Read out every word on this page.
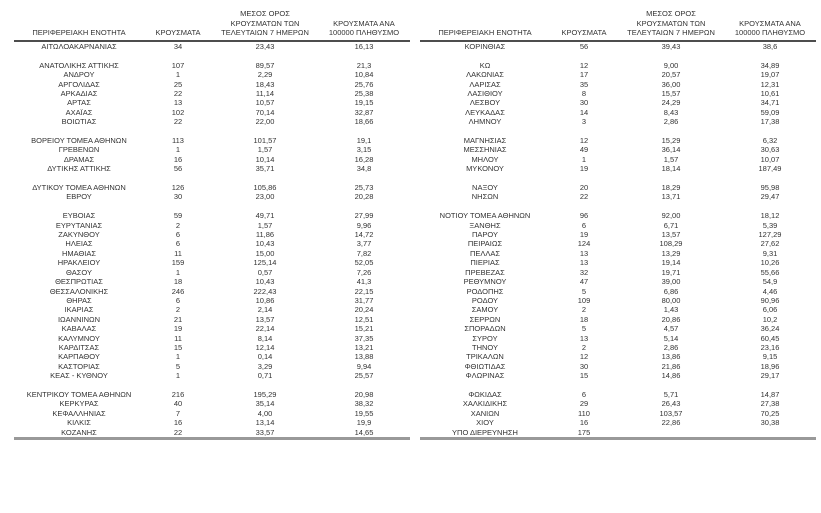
ΠΕΡΙΦΕΡΕΙΑΚΗ ΕΝΟΤΗΤΑ	ΚΡΟΥΣΜΑΤΑ	ΜΕΣΟΣ ΟΡΟΣ ΚΡΟΥΣΜΑΤΩΝ ΤΩΝ ΤΕΛΕΥΤΑΙΩΝ 7 ΗΜΕΡΩΝ	ΚΡΟΥΣΜΑΤΑ ΑΝΑ 100000 ΠΛΗΘΥΣΜΟ
ΑΙΤΩΛΟΑΚΑΡΝΑΝΙΑΣ	34	23,43	16,13

ΑΝΑΤΟΛΙΚΗΣ ΑΤΤΙΚΗΣ	107	89,57	21,3
ΑΝΔΡΟΥ	1	2,29	10,84
ΑΡΓΟΛΙΔΑΣ	25	18,43	25,76
ΑΡΚΑΔΙΑΣ	22	11,14	25,38
ΑΡΤΑΣ	13	10,57	19,15
ΑΧΑΪΑΣ	102	70,14	32,87
ΒΟΙΩΤΙΑΣ	22	22,00	18,66

ΒΟΡΕΙΟΥ ΤΟΜΕΑ ΑΘΗΝΩΝ	113	101,57	19,1
ΓΡΕΒΕΝΩΝ	1	1,57	3,15
ΔΡΑΜΑΣ	16	10,14	16,28
ΔΥΤΙΚΗΣ ΑΤΤΙΚΗΣ	56	35,71	34,8

ΔΥΤΙΚΟΥ ΤΟΜΕΑ ΑΘΗΝΩΝ	126	105,86	25,73
ΕΒΡΟΥ	30	23,00	20,28

ΕΥΒΟΙΑΣ	59	49,71	27,99
ΕΥΡΥΤΑΝΙΑΣ	2	1,57	9,96
ΖΑΚΥΝΘΟΥ	6	11,86	14,72
ΗΛΕΙΑΣ	6	10,43	3,77
ΗΜΑΘΙΑΣ	11	15,00	7,82
ΗΡΑΚΛΕΙΟΥ	159	125,14	52,05
ΘΑΣΟΥ	1	0,57	7,26
ΘΕΣΠΡΩΤΙΑΣ	18	10,43	41,3
ΘΕΣΣΑΛΟΝΙΚΗΣ	246	222,43	22,15
ΘΗΡΑΣ	6	10,86	31,77
ΙΚΑΡΙΑΣ	2	2,14	20,24
ΙΩΑΝΝΙΝΩΝ	21	13,57	12,51
ΚΑΒΑΛΑΣ	19	22,14	15,21
ΚΑΛΥΜΝΟΥ	11	8,14	37,35
ΚΑΡΔΙΤΣΑΣ	15	12,14	13,21
ΚΑΡΠΑΘΟΥ	1	0,14	13,88
ΚΑΣΤΟΡΙΑΣ	5	3,29	9,94
ΚΕΑΣ - ΚΥΘΝΟΥ	1	0,71	25,57

ΚΕΝΤΡΙΚΟΥ ΤΟΜΕΑ ΑΘΗΝΩΝ	216	195,29	20,98
ΚΕΡΚΥΡΑΣ	40	35,14	38,32
ΚΕΦΑΛΛΗΝΙΑΣ	7	4,00	19,55
ΚΙΛΚΙΣ	16	13,14	19,9
ΚΟΖΑΝΗΣ	22	33,57	14,65
ΠΕΡΙΦΕΡΕΙΑΚΗ ΕΝΟΤΗΤΑ	ΚΡΟΥΣΜΑΤΑ	ΜΕΣΟΣ ΟΡΟΣ ΚΡΟΥΣΜΑΤΩΝ ΤΩΝ ΤΕΛΕΥΤΑΙΩΝ 7 ΗΜΕΡΩΝ	ΚΡΟΥΣΜΑΤΑ ΑΝΑ 100000 ΠΛΗΘΥΣΜΟ
ΚΟΡΙΝΘΙΑΣ	56	39,43	38,6

ΚΩ	12	9,00	34,89
ΛΑΚΩΝΙΑΣ	17	20,57	19,07
ΛΑΡΙΣΑΣ	35	36,00	12,31
ΛΑΣΙΘΙΟΥ	8	15,57	10,61
ΛΕΣΒΟΥ	30	24,29	34,71
ΛΕΥΚΑΔΑΣ	14	8,43	59,09
ΛΗΜΝΟΥ	3	2,86	17,38

ΜΑΓΝΗΣΙΑΣ	12	15,29	6,32
ΜΕΣΣΗΝΙΑΣ	49	36,14	30,63
ΜΗΛΟΥ	1	1,57	10,07
ΜΥΚΟΝΟΥ	19	18,14	187,49

ΝΑΞΟΥ	20	18,29	95,98
ΝΗΣΩΝ	22	13,71	29,47

ΝΟΤΙΟΥ ΤΟΜΕΑ ΑΘΗΝΩΝ	96	92,00	18,12
ΞΑΝΘΗΣ	6	6,71	5,39
ΠΑΡΟΥ	19	13,57	127,29
ΠΕΙΡΑΙΩΣ	124	108,29	27,62
ΠΕΛΛΑΣ	13	13,29	9,31
ΠΙΕΡΙΑΣ	13	19,14	10,26
ΠΡΕΒΕΖΑΣ	32	19,71	55,66
ΡΕΘΥΜΝΟΥ	47	39,00	54,9
ΡΟΔΟΠΗΣ	5	6,86	4,46
ΡΟΔΟΥ	109	80,00	90,96
ΣΑΜΟΥ	2	1,43	6,06
ΣΕΡΡΩΝ	18	20,86	10,2
ΣΠΟΡΑΔΩΝ	5	4,57	36,24
ΣΥΡΟΥ	13	5,14	60,45
ΤΗΝΟΥ	2	2,86	23,16
ΤΡΙΚΑΛΩΝ	12	13,86	9,15
ΦΘΙΩΤΙΔΑΣ	30	21,86	18,96
ΦΛΩΡΙΝΑΣ	15	14,86	29,17

ΦΩΚΙΔΑΣ	6	5,71	14,87
ΧΑΛΚΙΔΙΚΗΣ	29	26,43	27,38
ΧΑΝΙΩΝ	110	103,57	70,25
ΧΙΟΥ	16	22,86	30,38
ΥΠΟ ΔΙΕΡΕΥΝΗΣΗ	175		
